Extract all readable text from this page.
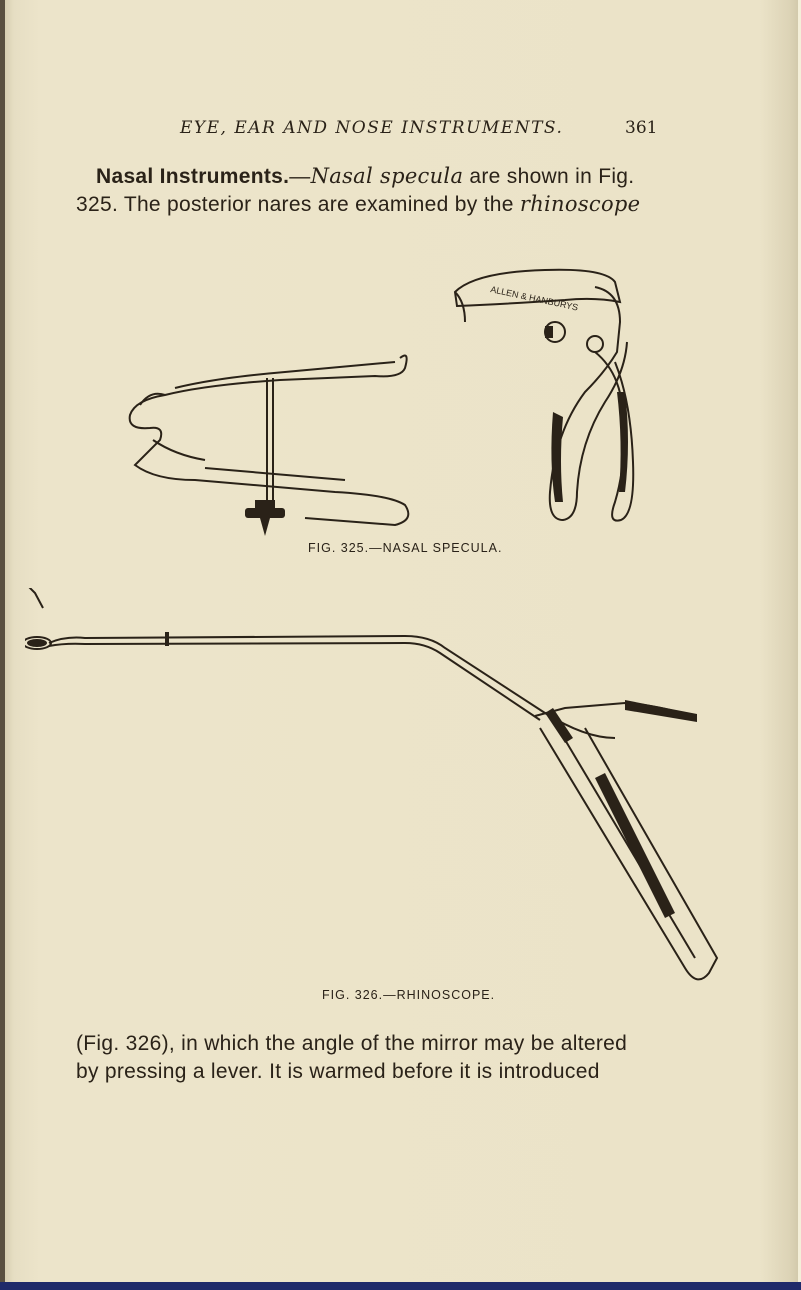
EYE, EAR AND NOSE INSTRUMENTS.	361
Nasal Instruments.—Nasal specula are shown in Fig.
325. The posterior nares are examined by the rhinoscope
ALLEN & HANBURYS
FIG. 325.—NASAL SPECULA.
FIG. 326.—RHINOSCOPE.
(Fig. 326), in which the angle of the mirror may be altered
by pressing a lever. It is warmed before it is introduced
